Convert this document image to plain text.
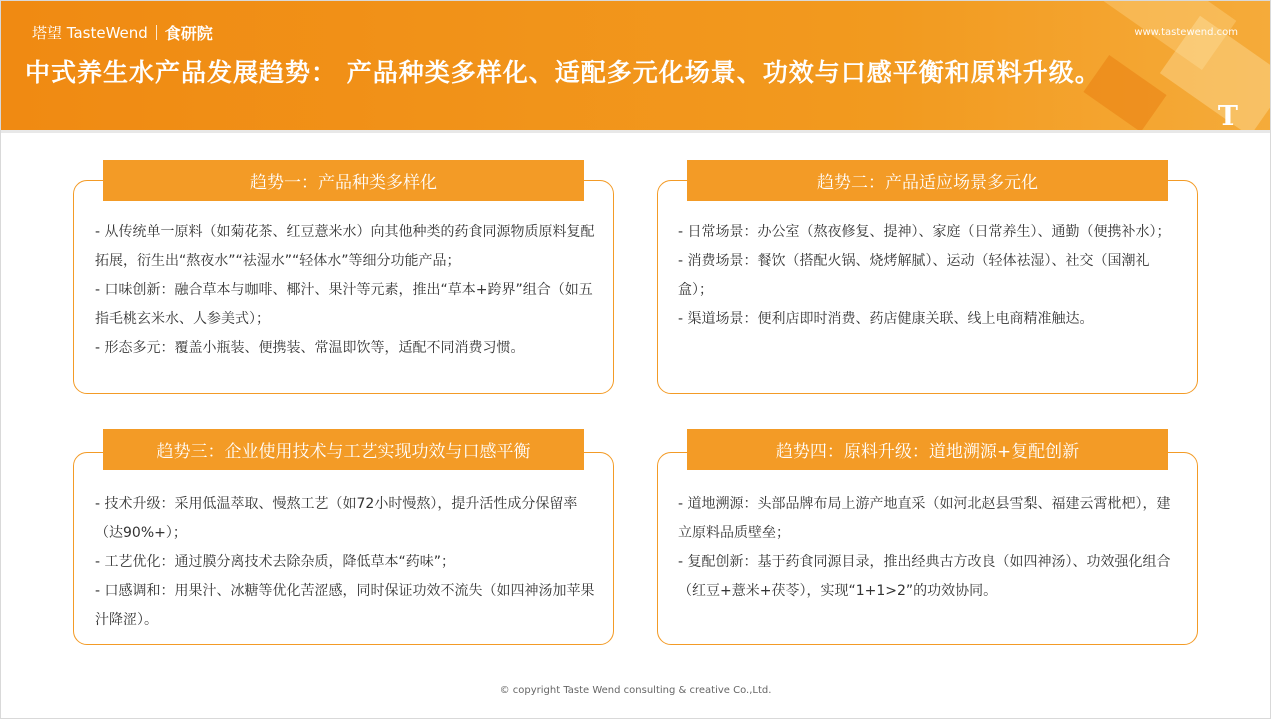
塔望 TasteWend 食研院	www.tastewend.com
中式养生水产品发展趋势： 产品种类多样化、适配多元化场景、功效与口感平衡和原料升级。
T
趋势一：产品种类多样化

- 从传统单一原料（如菊花茶、红豆薏米水）向其他种类的药食同源物质原料复配拓展，衍生出“熬夜水”“祛湿水”“轻体水”等细分功能产品；

- 口味创新：融合草本与咖啡、椰汁、果汁等元素，推出“草本+跨界”组合（如五指毛桃玄米水、人参美式）；

- 形态多元：覆盖小瓶装、便携装、常温即饮等，适配不同消费习惯。

趋势二：产品适应场景多元化

- 日常场景：办公室（熬夜修复、提神）、家庭（日常养生）、通勤（便携补水）；

- 消费场景：餐饮（搭配火锅、烧烤解腻）、运动（轻体祛湿）、社交（国潮礼盒）；

- 渠道场景：便利店即时消费、药店健康关联、线上电商精准触达。

趋势三：企业使用技术与工艺实现功效与口感平衡

- 技术升级：采用低温萃取、慢熬工艺（如72小时慢熬），提升活性成分保留率（达90%+）；

- 工艺优化：通过膜分离技术去除杂质，降低草本“药味”；

- 口感调和：用果汁、冰糖等优化苦涩感，同时保证功效不流失（如四神汤加苹果汁降涩）。

趋势四：原料升级：道地溯源+复配创新

- 道地溯源：头部品牌布局上游产地直采（如河北赵县雪梨、福建云霄枇杷），建立原料品质壁垒；

- 复配创新：基于药食同源目录，推出经典古方改良（如四神汤）、功效强化组合（红豆+薏米+茯苓），实现“1+1>2”的功效协同。

© copyright Taste Wend consulting & creative Co.,Ltd.
